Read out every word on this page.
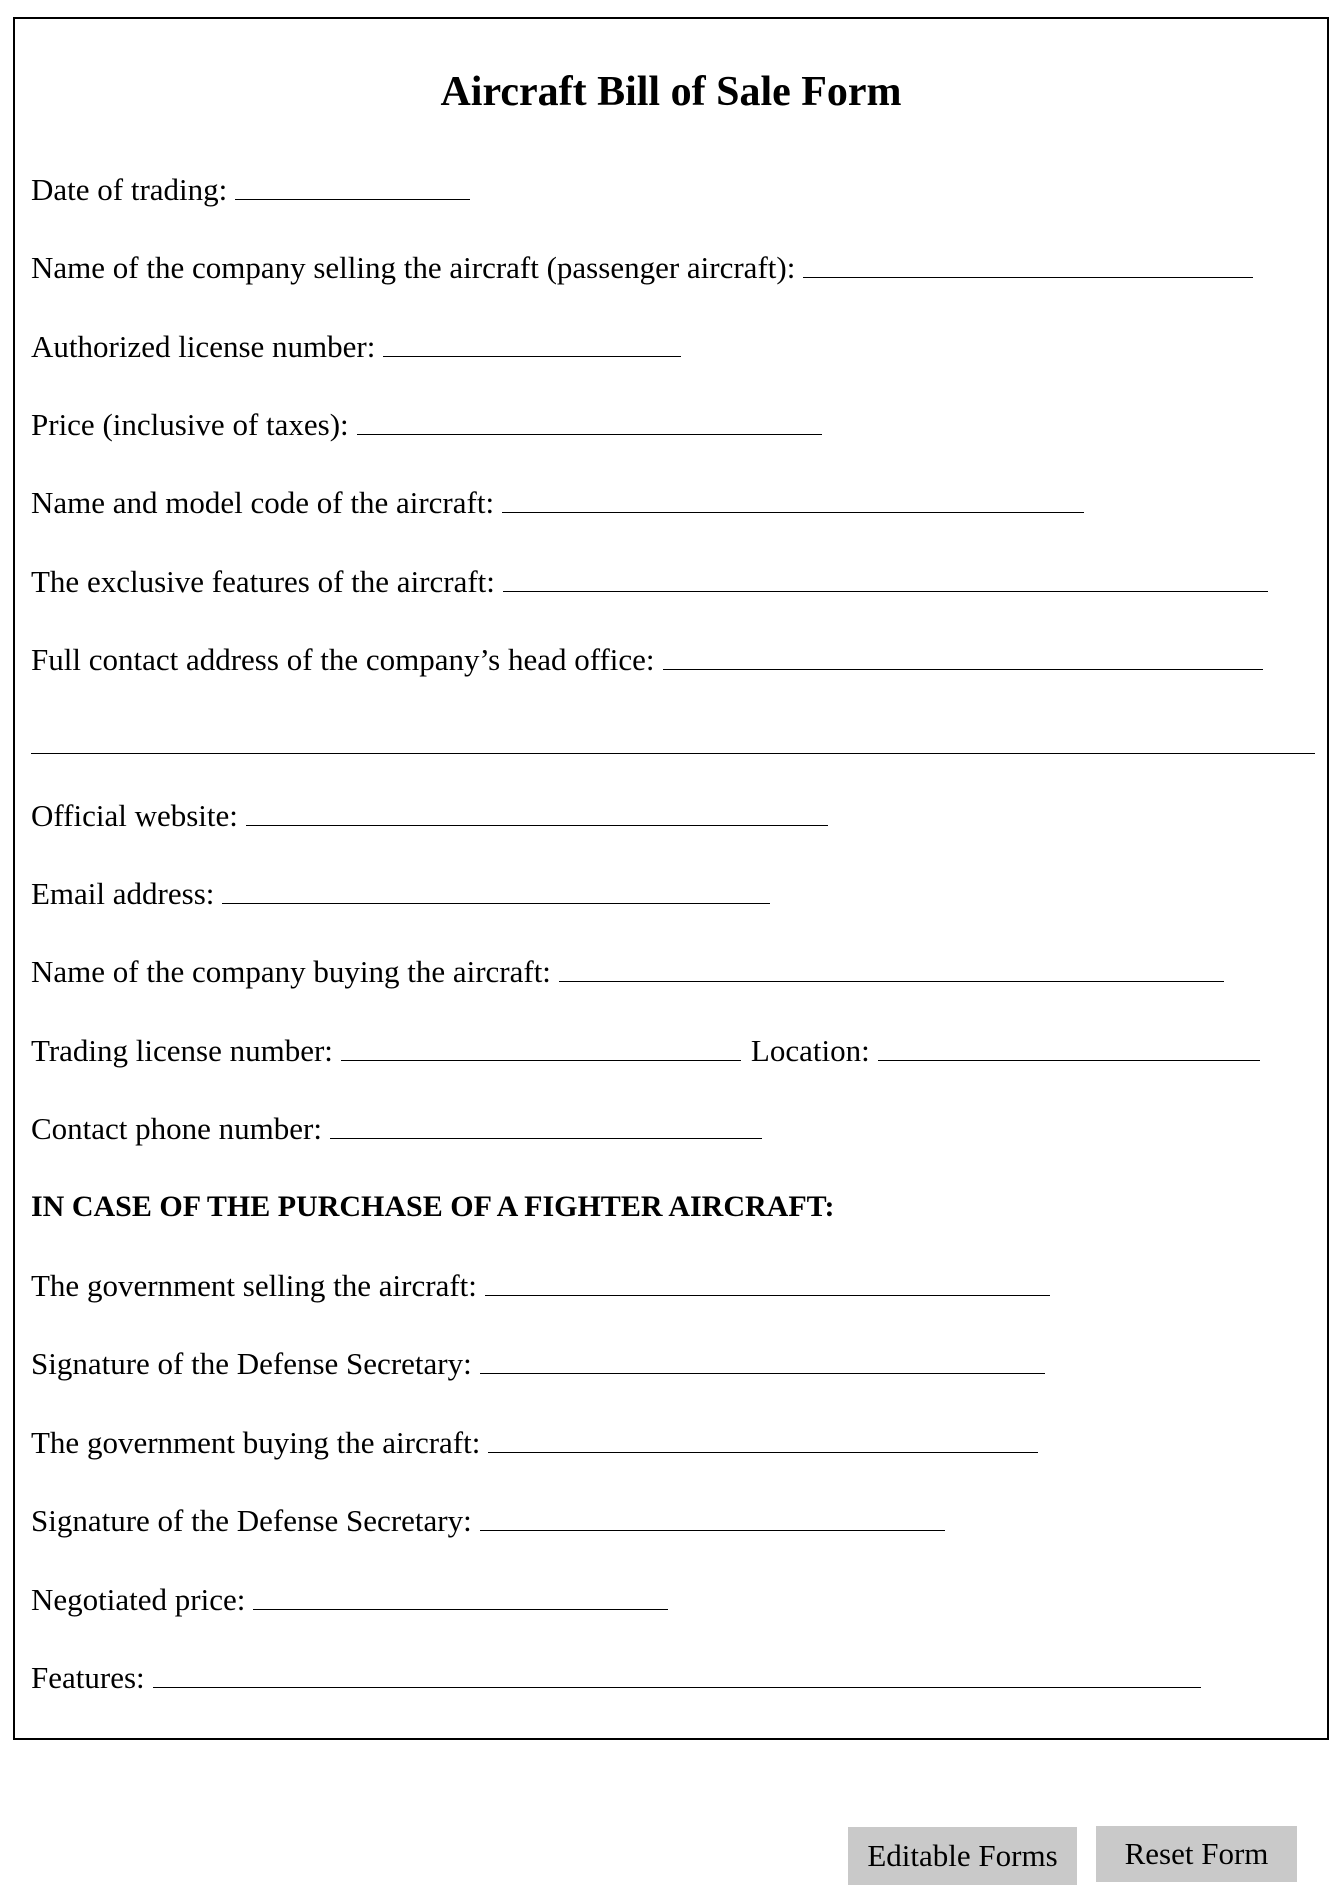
Aircraft Bill of Sale Form
Date of trading:
Name of the company selling the aircraft (passenger aircraft):
Authorized license number:
Price (inclusive of taxes):
Name and model code of the aircraft:
The exclusive features of the aircraft:
Full contact address of the company’s head office:
Official website:
Email address:
Name of the company buying the aircraft:
Trading license number:	Location:
Contact phone number:
IN CASE OF THE PURCHASE OF A FIGHTER AIRCRAFT:
The government selling the aircraft:
Signature of the Defense Secretary:
The government buying the aircraft:
Signature of the Defense Secretary:
Negotiated price:
Features:
Editable Forms	Reset Form
